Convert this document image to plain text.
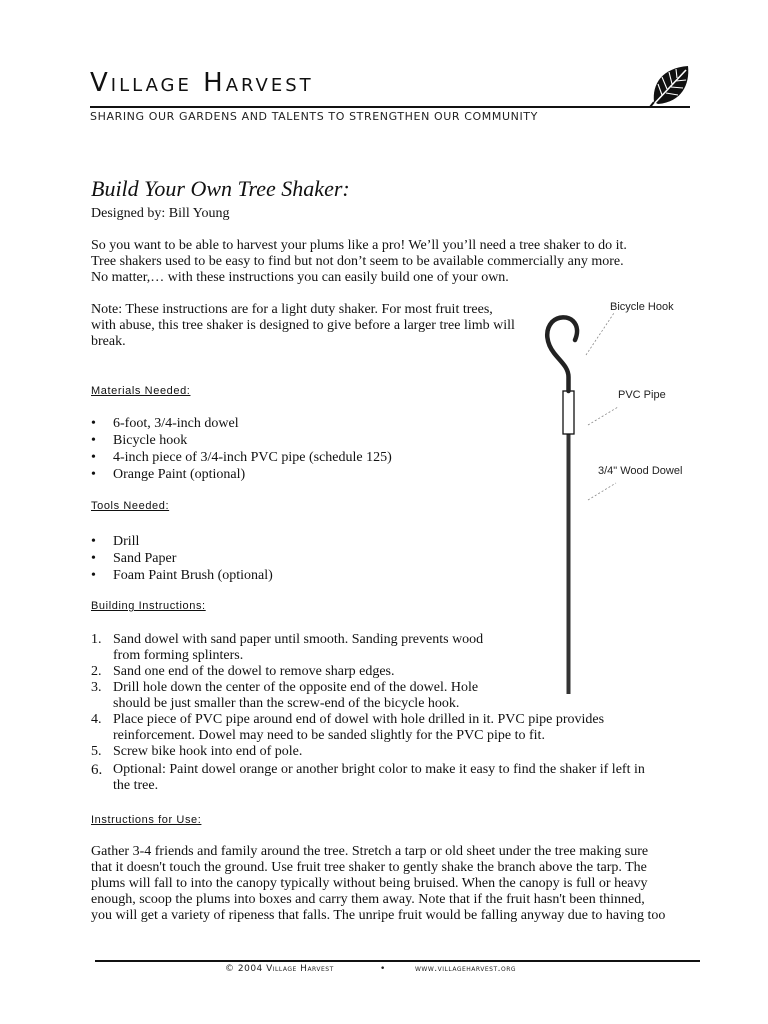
Village Harvest
SHARING OUR GARDENS AND TALENTS TO STRENGTHEN OUR COMMUNITY
Build Your Own Tree Shaker:
Designed by: Bill Young

So you want to be able to harvest your plums like a pro! We’ll you’ll need a tree shaker to do it.
Tree shakers used to be easy to find but not don’t seem to be available commercially any more.
No matter,… with these instructions you can easily build one of your own.

Note: These instructions are for a light duty shaker. For most fruit trees,
with abuse, this tree shaker is designed to give before a larger tree limb will
break.

Materials Needed:
• 6-foot, 3/4-inch dowel
• Bicycle hook
• 4-inch piece of 3/4-inch PVC pipe (schedule 125)
• Orange Paint (optional)
Tools Needed:
• Drill
• Sand Paper
• Foam Paint Brush (optional)
Building Instructions:
1. Sand dowel with sand paper until smooth. Sanding prevents wood
from forming splinters.
2. Sand one end of the dowel to remove sharp edges.
3. Drill hole down the center of the opposite end of the dowel. Hole
should be just smaller than the screw-end of the bicycle hook.
4. Place piece of PVC pipe around end of dowel with hole drilled in it. PVC pipe provides
reinforcement. Dowel may need to be sanded slightly for the PVC pipe to fit.
5. Screw bike hook into end of pole.
6. Optional: Paint dowel orange or another bright color to make it easy to find the shaker if left in
the tree.
Instructions for Use:

Gather 3-4 friends and family around the tree. Stretch a tarp or old sheet under the tree making sure
that it doesn't touch the ground. Use fruit tree shaker to gently shake the branch above the tarp. The
plums will fall to into the canopy typically without being bruised. When the canopy is full or heavy
enough, scoop the plums into boxes and carry them away. Note that if the fruit hasn't been thinned,
you will get a variety of ripeness that falls. The unripe fruit would be falling anyway due to having too

Bicycle Hook
PVC Pipe
3/4" Wood Dowel
© 2004 Village Harvest	•	www.villageharvest.org
